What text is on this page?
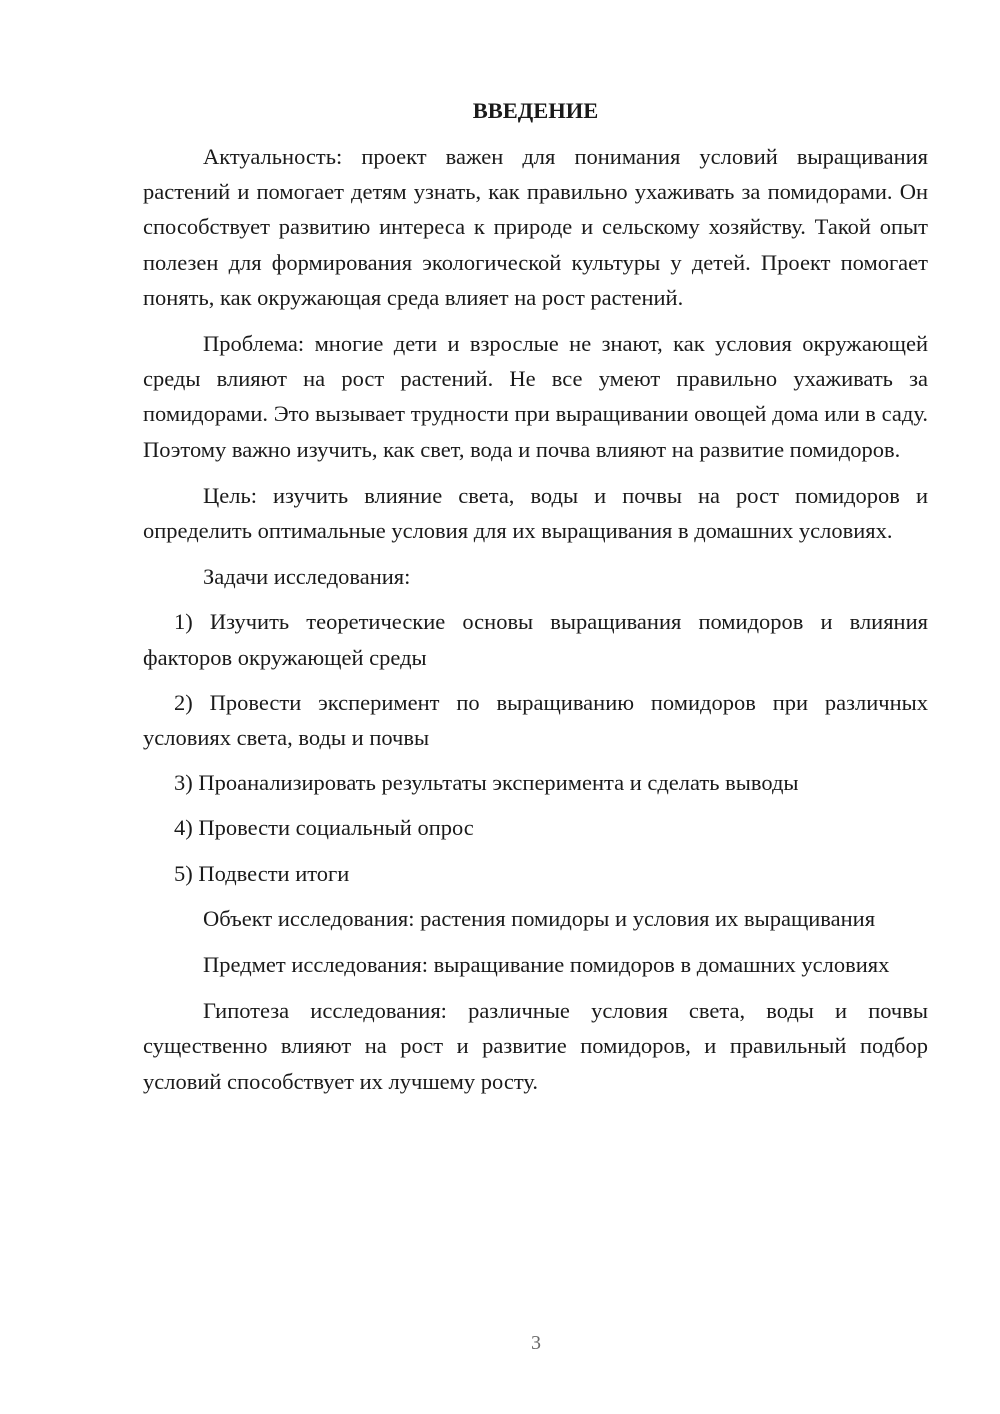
ВВЕДЕНИЕ

Актуальность: проект важен для понимания условий выращивания растений и помогает детям узнать, как правильно ухаживать за помидорами. Он способствует развитию интереса к природе и сельскому хозяйству. Такой опыт полезен для формирования экологической культуры у детей. Проект помогает понять, как окружающая среда влияет на рост растений.

Проблема: многие дети и взрослые не знают, как условия окружающей среды влияют на рост растений. Не все умеют правильно ухаживать за помидорами. Это вызывает трудности при выращивании овощей дома или в саду. Поэтому важно изучить, как свет, вода и почва влияют на развитие помидоров.

Цель: изучить влияние света, воды и почвы на рост помидоров и определить оптимальные условия для их выращивания в домашних условиях.

Задачи исследования:

1) Изучить теоретические основы выращивания помидоров и влияния факторов окружающей среды

2) Провести эксперимент по выращиванию помидоров при различных условиях света, воды и почвы

3) Проанализировать результаты эксперимента и сделать выводы

4) Провести социальный опрос

5) Подвести итоги

Объект исследования: растения помидоры и условия их выращивания

Предмет исследования: выращивание помидоров в домашних условиях

Гипотеза исследования: различные условия света, воды и почвы существенно влияют на рост и развитие помидоров, и правильный подбор условий способствует их лучшему росту.

3
